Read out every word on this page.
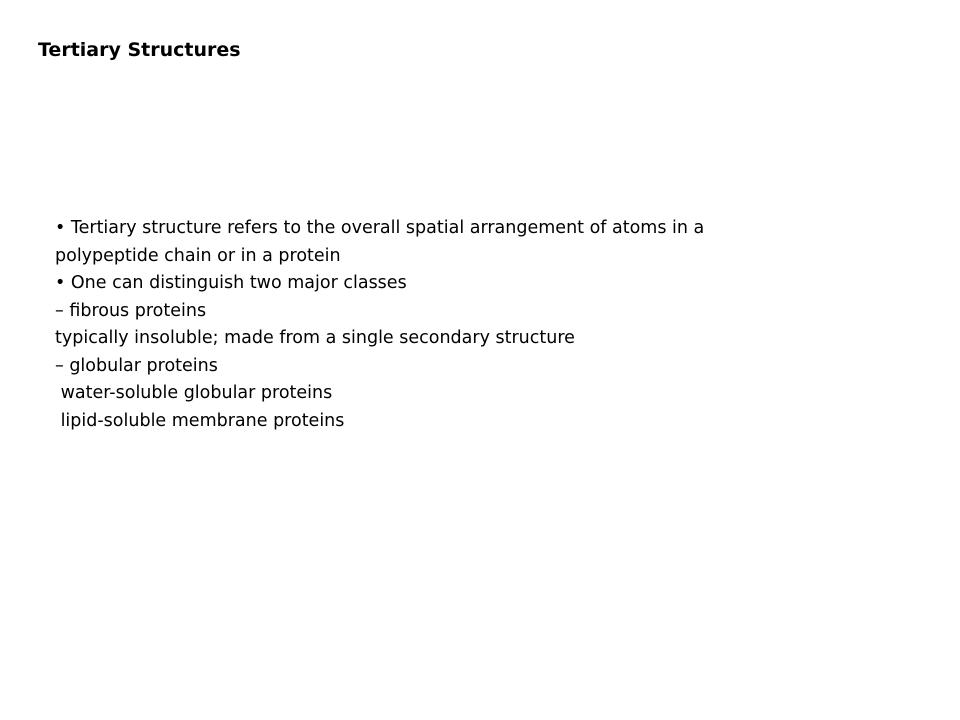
Tertiary Structures
• Tertiary structure refers to the overall spatial arrangement of atoms in a
polypeptide chain or in a protein
• One can distinguish two major classes
– fibrous proteins
typically insoluble; made from a single secondary structure
– globular proteins
water-soluble globular proteins
lipid-soluble membrane proteins
